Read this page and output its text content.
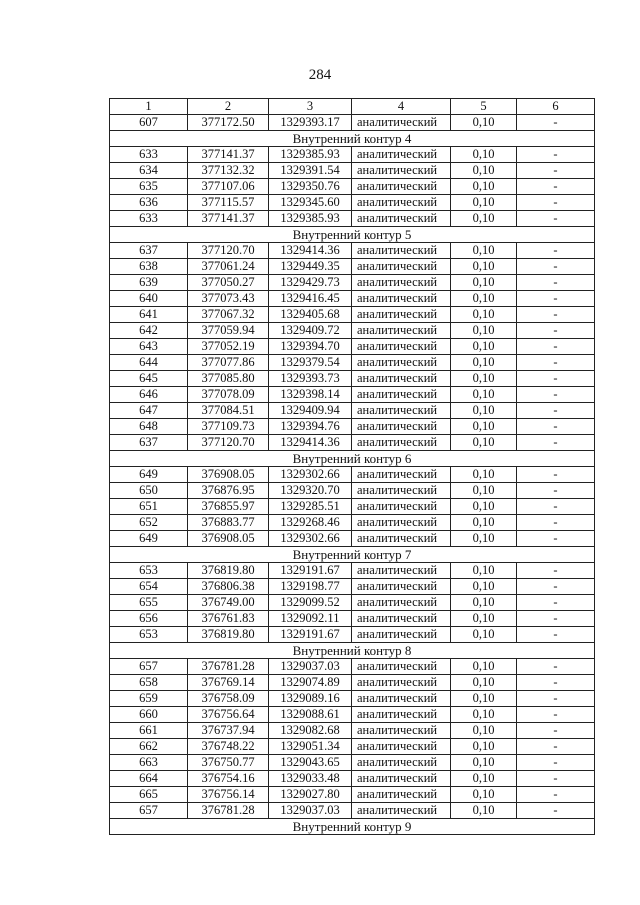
284
1	2	3	4	5	6
607	377172.50	1329393.17	аналитический	0,10	-
Внутренний контур 4					
633	377141.37	1329385.93	аналитический	0,10	-
634	377132.32	1329391.54	аналитический	0,10	-
635	377107.06	1329350.76	аналитический	0,10	-
636	377115.57	1329345.60	аналитический	0,10	-
633	377141.37	1329385.93	аналитический	0,10	-
Внутренний контур 5					
637	377120.70	1329414.36	аналитический	0,10	-
638	377061.24	1329449.35	аналитический	0,10	-
639	377050.27	1329429.73	аналитический	0,10	-
640	377073.43	1329416.45	аналитический	0,10	-
641	377067.32	1329405.68	аналитический	0,10	-
642	377059.94	1329409.72	аналитический	0,10	-
643	377052.19	1329394.70	аналитический	0,10	-
644	377077.86	1329379.54	аналитический	0,10	-
645	377085.80	1329393.73	аналитический	0,10	-
646	377078.09	1329398.14	аналитический	0,10	-
647	377084.51	1329409.94	аналитический	0,10	-
648	377109.73	1329394.76	аналитический	0,10	-
637	377120.70	1329414.36	аналитический	0,10	-
Внутренний контур 6					
649	376908.05	1329302.66	аналитический	0,10	-
650	376876.95	1329320.70	аналитический	0,10	-
651	376855.97	1329285.51	аналитический	0,10	-
652	376883.77	1329268.46	аналитический	0,10	-
649	376908.05	1329302.66	аналитический	0,10	-
Внутренний контур 7					
653	376819.80	1329191.67	аналитический	0,10	-
654	376806.38	1329198.77	аналитический	0,10	-
655	376749.00	1329099.52	аналитический	0,10	-
656	376761.83	1329092.11	аналитический	0,10	-
653	376819.80	1329191.67	аналитический	0,10	-
Внутренний контур 8					
657	376781.28	1329037.03	аналитический	0,10	-
658	376769.14	1329074.89	аналитический	0,10	-
659	376758.09	1329089.16	аналитический	0,10	-
660	376756.64	1329088.61	аналитический	0,10	-
661	376737.94	1329082.68	аналитический	0,10	-
662	376748.22	1329051.34	аналитический	0,10	-
663	376750.77	1329043.65	аналитический	0,10	-
664	376754.16	1329033.48	аналитический	0,10	-
665	376756.14	1329027.80	аналитический	0,10	-
657	376781.28	1329037.03	аналитический	0,10	-
Внутренний контур 9					
